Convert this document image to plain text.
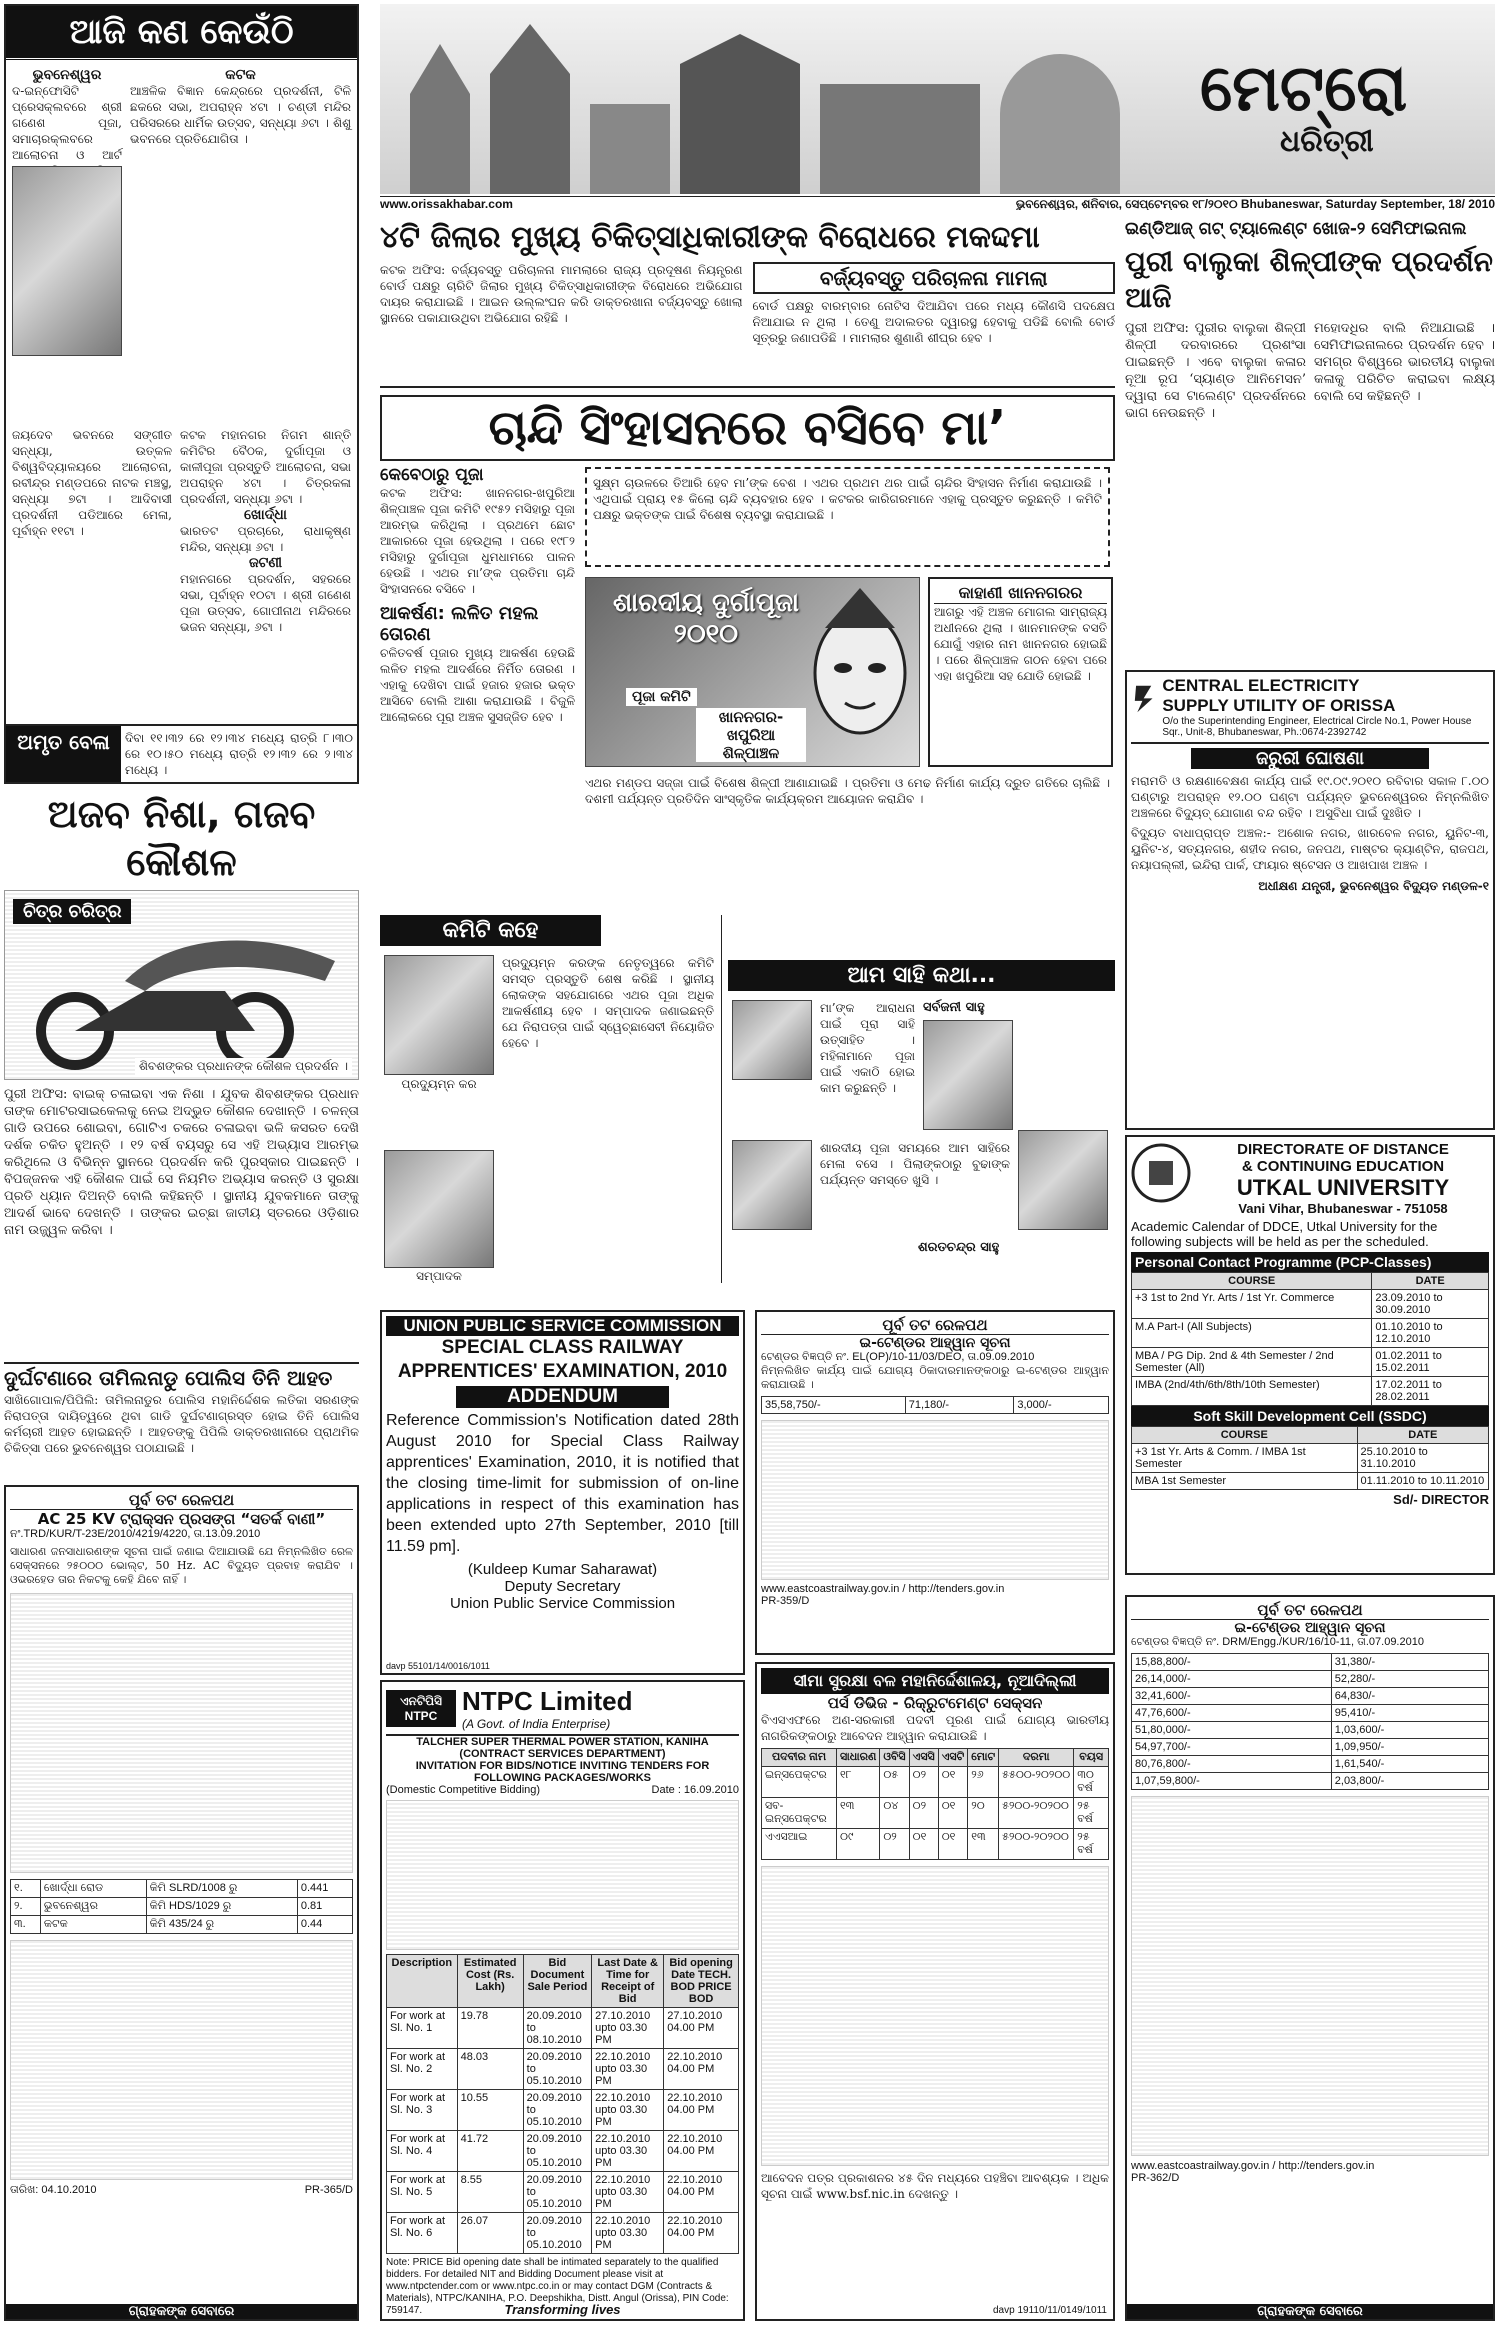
ଆଜି କଣ କେଉଁଠି
ଭୁବନେଶ୍ୱର
ଦ-ଇନ୍ଫୋସିଟି ପ୍ରେସକ୍ଲବରେ ଶ୍ରୀ ଗଣେଶ ପୂଜା, ସମାଚାରକ୍ଲବରେ ଆଲୋଚନା ଓ ଆର୍ଟ
କଟକ
ଆଞ୍ଚଳିକ ବିଜ୍ଞାନ କେନ୍ଦ୍ରରେ ପ୍ରଦର୍ଶନୀ, ଟିଳି ଛକରେ ସଭା, ଅପରାହ୍ନ ୪ଟା । ଚଣ୍ଡୀ ମନ୍ଦିର ପରିସରରେ ଧାର୍ମିକ ଉତ୍ସବ, ସନ୍ଧ୍ୟା ୬ଟା । ଶିଶୁ ଭବନରେ ପ୍ରତିଯୋଗିତା ।
ଜୟଦେବ ଭବନରେ ସଙ୍ଗୀତ ସନ୍ଧ୍ୟା, ଉତ୍କଳ ବିଶ୍ୱବିଦ୍ୟାଳୟରେ ଆଲୋଚନା, ରବୀନ୍ଦ୍ର ମଣ୍ଡପରେ ନାଟକ ମଞ୍ଚସ୍ଥ, ସନ୍ଧ୍ୟା ୭ଟା । ଆଦିବାସୀ ପ୍ରଦର୍ଶନୀ ପଡିଆରେ ମେଳା, ପୂର୍ବାହ୍ନ ୧୧ଟା ।
କଟକ ମହାନଗର ନିଗମ ଶାନ୍ତି କମିଟିର ବୈଠକ, ଦୁର୍ଗାପୂଜା ଓ କାଳୀପୂଜା ପ୍ରସ୍ତୁତି ଆଲୋଚନା, ସଭା ଅପରାହ୍ନ ୪ଟା । ଚିତ୍ରକଳା ପ୍ରଦର୍ଶନୀ, ସନ୍ଧ୍ୟା ୬ଟା ।
ଖୋର୍ଦ୍ଧା
ଭାରତଟ ପ୍ରଚାରେ, ରାଧାକୃଷ୍ଣ ମନ୍ଦିର, ସନ୍ଧ୍ୟା ୬ଟା ।
ଜଟଣୀ
ମହାନଗରେ ପ୍ରଦର୍ଶନ, ସହରରେ ସଭା, ପୂର୍ବାହ୍ନ ୧୦ଟା । ଶ୍ରୀ ଗଣେଶ ପୂଜା ଉତ୍ସବ, ଗୋପୀନାଥ ମନ୍ଦିରରେ ଭଜନ ସନ୍ଧ୍ୟା, ୬ଟା ।
ଅମୃତ ବେଳା	ଦିବା ୧୧।୩୨ ରେ ୧୨।୩୪ ମଧ୍ୟେ ରାତ୍ରି ୮।୩୦ ରେ ୧୦।୫୦ ମଧ୍ୟେ ରାତ୍ରି ୧୨।୩୨ ରେ ୨।୩୪ ମଧ୍ୟେ ।
ଅଜବ ନିଶା, ଗଜବ କୌଶଳ
ଚିତ୍ର ଚରିତ୍ର
ଶିବଶଙ୍କର ପ୍ରଧାନଙ୍କ କୌଶଳ ପ୍ରଦର୍ଶନ ।
ପୁରୀ ଅଫିସ: ବାଇକ୍ ଚଳାଇବା ଏକ ନିଶା । ଯୁବକ ଶିବଶଙ୍କର ପ୍ରଧାନ ତାଙ୍କ ମୋଟରସାଇକେଲକୁ ନେଇ ଅଦ୍ଭୁତ କୌଶଳ ଦେଖାନ୍ତି । ଚଳନ୍ତା ଗାଡି ଉପରେ ଶୋଇବା, ଗୋଟିଏ ଚକରେ ଚଳାଇବା ଭଳି କସରତ ଦେଖି ଦର୍ଶକ ଚକିତ ହୁଅନ୍ତି । ୧୨ ବର୍ଷ ବୟସରୁ ସେ ଏହି ଅଭ୍ୟାସ ଆରମ୍ଭ କରିଥିଲେ ଓ ବିଭିନ୍ନ ସ୍ଥାନରେ ପ୍ରଦର୍ଶନ କରି ପୁରସ୍କାର ପାଇଛନ୍ତି । ବିପଜ୍ଜନକ ଏହି କୌଶଳ ପାଇଁ ସେ ନିୟମିତ ଅଭ୍ୟାସ କରନ୍ତି ଓ ସୁରକ୍ଷା ପ୍ରତି ଧ୍ୟାନ ଦିଅନ୍ତି ବୋଲି କହିଛନ୍ତି । ସ୍ଥାନୀୟ ଯୁବକମାନେ ତାଙ୍କୁ ଆଦର୍ଶ ଭାବେ ଦେଖନ୍ତି । ତାଙ୍କର ଇଚ୍ଛା ଜାତୀୟ ସ୍ତରରେ ଓଡ଼ିଶାର ନାମ ଉଜ୍ଜ୍ୱଳ କରିବା ।
ଦୁର୍ଘଟଣାରେ ତାମିଲନାଡୁ ପୋଲିସ ତିନି ଆହତ
ସାଖିଗୋପାଳ/ପିପିଲି: ତାମିଲନାଡୁର ପୋଲିସ ମହାନିର୍ଦ୍ଦେଶକ ଲତିକା ସରଣଙ୍କ ନିରାପତ୍ତା ଦାୟିତ୍ୱରେ ଥିବା ଗାଡି ଦୁର୍ଘଟଣାଗ୍ରସ୍ତ ହୋଇ ତିନି ପୋଲିସ କର୍ମଚାରୀ ଆହତ ହୋଇଛନ୍ତି । ଆହତଙ୍କୁ ପିପିଲି ଡାକ୍ତରଖାନାରେ ପ୍ରାଥମିକ ଚିକିତ୍ସା ପରେ ଭୁବନେଶ୍ୱର ପଠାଯାଇଛି ।
ପୂର୍ବ ତଟ ରେଳପଥ
AC 25 KV ଟ୍ରାକ୍ସନ ପ୍ରସଙ୍ଗ “ସତର୍କ ବାଣୀ”
ନଂ.TRD/KUR/T-23E/2010/4219/4220, ତା.13.09.2010
ସାଧାରଣ ଜନସାଧାରଣଙ୍କ ସୂଚନା ପାଇଁ ଜଣାଇ ଦିଆଯାଉଛି ଯେ ନିମ୍ନଲିଖିତ ରେଳ ସେକ୍ସନରେ ୨୫୦୦୦ ଭୋଲ୍ଟ, 50 Hz. AC ବିଦ୍ୟୁତ ପ୍ରବାହ କରାଯିବ । ଓଭରହେଡ ତାର ନିକଟକୁ କେହି ଯିବେ ନାହିଁ ।
୧.	ଖୋର୍ଦ୍ଧା ରୋଡ	କିମି SLRD/1008 ରୁ	0.441
୨.	ଭୁବନେଶ୍ୱର	କିମି HDS/1029 ରୁ	0.81
୩.	କଟକ	କିମି 435/24 ରୁ	0.44
ତାରିଖ: 04.10.2010	PR-365/D
ଗ୍ରାହକଙ୍କ ସେବାରେ
ମେଟ୍ରୋ
ଧରିତ୍ରୀ
www.orissakhabar.com	ଭୁବନେଶ୍ୱର, ଶନିବାର, ସେପ୍ଟେମ୍ବର ୧୮/୨୦୧୦ Bhubaneswar, Saturday September, 18/ 2010
୪ଟି ଜିଲାର ମୁଖ୍ୟ ଚିକିତ୍ସାଧିକାରୀଙ୍କ ବିରୋଧରେ ମକଦ୍ଦମା
କଟକ ଅଫିସ: ବର୍ଜ୍ୟବସ୍ତୁ ପରିଚାଳନା ମାମଲାରେ ରାଜ୍ୟ ପ୍ରଦୂଷଣ ନିୟନ୍ତ୍ରଣ ବୋର୍ଡ ପକ୍ଷରୁ ଚାରିଟି ଜିଲାର ମୁଖ୍ୟ ଚିକିତ୍ସାଧିକାରୀଙ୍କ ବିରୋଧରେ ଅଭିଯୋଗ ଦାୟର କରାଯାଇଛି । ଆଇନ ଉଲ୍ଲଂଘନ କରି ଡାକ୍ତରଖାନା ବର୍ଜ୍ୟବସ୍ତୁ ଖୋଲା ସ୍ଥାନରେ ପକାଯାଉଥିବା ଅଭିଯୋଗ ରହିଛି ।
ବର୍ଜ୍ୟବସ୍ତୁ ପରିଚାଳନା ମାମଲା
ବୋର୍ଡ ପକ୍ଷରୁ ବାରମ୍ବାର ନୋଟିସ ଦିଆଯିବା ପରେ ମଧ୍ୟ କୌଣସି ପଦକ୍ଷେପ ନିଆଯାଇ ନ ଥିଲା । ତେଣୁ ଅଦାଲତର ଦ୍ୱାରସ୍ଥ ହେବାକୁ ପଡିଛି ବୋଲି ବୋର୍ଡ ସୂତ୍ରରୁ ଜଣାପଡିଛି । ମାମଲାର ଶୁଣାଣି ଶୀଘ୍ର ହେବ ।
ଚାନ୍ଦି ସିଂହାସନରେ ବସିବେ ମା’
କେବେଠାରୁ ପୂଜା
କଟକ ଅଫିସ: ଖାନନଗର-ଖପୁରିଆ ଶିଳ୍ପାଞ୍ଚଳ ପୂଜା କମିଟି ୧୯୫୨ ମସିହାରୁ ପୂଜା ଆରମ୍ଭ କରିଥିଲା । ପ୍ରଥମେ ଛୋଟ ଆକାରରେ ପୂଜା ହେଉଥିଲା । ପରେ ୧୯୮୨ ମସିହାରୁ ଦୁର୍ଗାପୂଜା ଧୁମଧାମରେ ପାଳନ ହେଉଛି । ଏଥର ମା’ଙ୍କ ପ୍ରତିମା ଚାନ୍ଦି ସିଂହାସନରେ ବସିବେ ।
ଆକର୍ଷଣ: ଲଳିତ ମହଲ ତୋରଣ
ଚଳିତବର୍ଷ ପୂଜାର ମୁଖ୍ୟ ଆକର୍ଷଣ ହେଉଛି ଲଳିତ ମହଲ ଆଦର୍ଶରେ ନିର୍ମିତ ତୋରଣ । ଏହାକୁ ଦେଖିବା ପାଇଁ ହଜାର ହଜାର ଭକ୍ତ ଆସିବେ ବୋଲି ଆଶା କରାଯାଉଛି । ବିଜୁଳି ଆଲୋକରେ ପୂରା ଅଞ୍ଚଳ ସୁସଜ୍ଜିତ ହେବ ।
ସୁକ୍ଷ୍ମ ଚାଉଳରେ ତିଆରି ହେବ ମା’ଙ୍କ ବେଶ । ଏଥର ପ୍ରଥମ ଥର ପାଇଁ ଚାନ୍ଦିର ସିଂହାସନ ନିର୍ମାଣ କରାଯାଉଛି । ଏଥିପାଇଁ ପ୍ରାୟ ୧୫ କିଲୋ ଚାନ୍ଦି ବ୍ୟବହାର ହେବ । କଟକର କାରିଗରମାନେ ଏହାକୁ ପ୍ରସ୍ତୁତ କରୁଛନ୍ତି । କମିଟି ପକ୍ଷରୁ ଭକ୍ତଙ୍କ ପାଇଁ ବିଶେଷ ବ୍ୟବସ୍ଥା କରାଯାଇଛି ।
ଶାରଦୀୟ ଦୁର୍ଗାପୂଜା ୨୦୧୦
ପୂଜା କମିଟି
ଖାନନଗର-ଖପୁରିଆ ଶିଳ୍ପାଞ୍ଚଳ
କାହାଣୀ ଖାନନଗରର
ଆଗରୁ ଏହି ଅଞ୍ଚଳ ମୋଗଲ ସାମ୍ରାଜ୍ୟ ଅଧୀନରେ ଥିଲା । ଖାନମାନଙ୍କ ବସତି ଯୋଗୁଁ ଏହାର ନାମ ଖାନନଗର ହୋଇଛି । ପରେ ଶିଳ୍ପାଞ୍ଚଳ ଗଠନ ହେବା ପରେ ଏହା ଖପୁରିଆ ସହ ଯୋଡି ହୋଇଛି ।
ଏଥର ମଣ୍ଡପ ସଜ୍ଜା ପାଇଁ ବିଶେଷ ଶିଳ୍ପୀ ଆଣାଯାଇଛି । ପ୍ରତିମା ଓ ମେଢ ନିର୍ମାଣ କାର୍ଯ୍ୟ ଦ୍ରୁତ ଗତିରେ ଚାଲିଛି । ଦଶମୀ ପର୍ଯ୍ୟନ୍ତ ପ୍ରତିଦିନ ସାଂସ୍କୃତିକ କାର୍ଯ୍ୟକ୍ରମ ଆୟୋଜନ କରାଯିବ ।
କମିଟି କହେ
ପ୍ରଦ୍ୟୁମ୍ନ କର
ସମ୍ପାଦକ
ପ୍ରଦ୍ୟୁମ୍ନ କରଙ୍କ ନେତୃତ୍ୱରେ କମିଟି ସମସ୍ତ ପ୍ରସ୍ତୁତି ଶେଷ କରିଛି । ସ୍ଥାନୀୟ ଲୋକଙ୍କ ସହଯୋଗରେ ଏଥର ପୂଜା ଅଧିକ ଆକର୍ଷଣୀୟ ହେବ । ସମ୍ପାଦକ ଜଣାଇଛନ୍ତି ଯେ ନିରାପତ୍ତା ପାଇଁ ସ୍ୱେଚ୍ଛାସେବୀ ନିୟୋଜିତ ହେବେ ।
ଆମ ସାହି କଥା...
ମା’ଙ୍କ ଆରାଧନା ପାଇଁ ପୂରା ସାହି ଉତ୍ସାହିତ । ମହିଳାମାନେ ପୂଜା ପାଇଁ ଏକାଠି ହୋଇ କାମ କରୁଛନ୍ତି ।
ସର୍ବଜନୀ ସାହୁ
ଶାରଦୀୟ ପୂଜା ସମୟରେ ଆମ ସାହିରେ ମେଳା ବସେ । ପିଲାଙ୍କଠାରୁ ବୁଢାଙ୍କ ପର୍ଯ୍ୟନ୍ତ ସମସ୍ତେ ଖୁସି ।
ଶରତଚନ୍ଦ୍ର ସାହୁ
ଇଣ୍ଡିଆଜ୍ ଗଟ୍ ଟ୍ୟାଲେଣ୍ଟ ଖୋଜ-୨ ସେମିଫାଇନାଲ
ପୁରୀ ବାଲୁକା ଶିଳ୍ପୀଙ୍କ ପ୍ରଦର୍ଶନ ଆଜି
ପୁରୀ ଅଫିସ: ପୁରୀର ବାଲୁକା ଶିଳ୍ପୀ ଶିଳ୍ପୀ ଦରବାରରେ ପ୍ରଶଂସା ପାଇଛନ୍ତି । ଏବେ ବାଲୁକା କଳାର ନୂଆ ରୂପ ‘ସ୍ୟାଣ୍ଡ ଆନିମେସନ’ ଦ୍ୱାରା ସେ ଟାଲେଣ୍ଟ ପ୍ରଦର୍ଶନରେ ଭାଗ ନେଉଛନ୍ତି ।
ମହୋଦଧିର ବାଲି ନିଆଯାଇଛି । ସେମିଫାଇନାଲରେ ପ୍ରଦର୍ଶନ ହେବ । ସମଗ୍ର ବିଶ୍ୱରେ ଭାରତୀୟ ବାଲୁକା କଳାକୁ ପରିଚିତ କରାଇବା ଲକ୍ଷ୍ୟ ବୋଲି ସେ କହିଛନ୍ତି ।
CENTRAL ELECTRICITY
SUPPLY UTILITY OF ORISSA
O/o the Superintending Engineer, Electrical Circle No.1, Power House Sqr., Unit-8, Bhubaneswar, Ph.:0674-2392742
ଜରୁରୀ ଘୋଷଣା
ମରାମତି ଓ ରକ୍ଷଣାବେକ୍ଷଣ କାର୍ଯ୍ୟ ପାଇଁ ୧୯.୦୯.୨୦୧୦ ରବିବାର ସକାଳ ୮.୦୦ ଘଣ୍ଟାରୁ ଅପରାହ୍ନ ୧୨.୦୦ ଘଣ୍ଟା ପର୍ଯ୍ୟନ୍ତ ଭୁବନେଶ୍ୱରର ନିମ୍ନଲିଖିତ ଅଞ୍ଚଳରେ ବିଦ୍ୟୁତ୍ ଯୋଗାଣ ବନ୍ଦ ରହିବ । ଅସୁବିଧା ପାଇଁ ଦୁଃଖିତ ।
ବିଦ୍ୟୁତ ବାଧାପ୍ରାପ୍ତ ଅଞ୍ଚଳ:- ଅଶୋକ ନଗର, ଖାରବେଳ ନଗର, ୟୁନିଟ-୩, ୟୁନିଟ-୪, ସତ୍ୟନଗର, ଶହୀଦ ନଗର, ଜନପଥ, ମାଷ୍ଟର କ୍ୟାଣ୍ଟିନ, ରାଜପଥ, ନୟାପଲ୍ଲୀ, ଇନ୍ଦିରା ପାର୍କ, ଫାୟାର ଷ୍ଟେସନ ଓ ଆଖପାଖ ଅଞ୍ଚଳ ।
ଅଧୀକ୍ଷଣ ଯନ୍ତ୍ରୀ, ଭୁବନେଶ୍ୱର ବିଦ୍ୟୁତ ମଣ୍ଡଳ-୧
DIRECTORATE OF DISTANCE
& CONTINUING EDUCATION
UTKAL UNIVERSITY
Vani Vihar, Bhubaneswar - 751058
Academic Calendar of DDCE, Utkal University for the following subjects will be held as per the scheduled.
Personal Contact Programme (PCP-Classes)
COURSE	DATE
+3 1st to 2nd Yr. Arts / 1st Yr. Commerce	23.09.2010 to 30.09.2010
M.A Part-I (All Subjects)	01.10.2010 to 12.10.2010
MBA / PG Dip. 2nd & 4th Semester / 2nd Semester (All)	01.02.2011 to 15.02.2011
IMBA (2nd/4th/6th/8th/10th Semester)	17.02.2011 to 28.02.2011
Soft Skill Development Cell (SSDC)
COURSE	DATE
+3 1st Yr. Arts & Comm. / IMBA 1st Semester	25.10.2010 to 31.10.2010
MBA 1st Semester	01.11.2010 to 10.11.2010
Sd/- DIRECTOR
ପୂର୍ବ ତଟ ରେଳପଥ
ଇ-ଟେଣ୍ଡର ଆହ୍ୱାନ ସୂଚନା
ଟେଣ୍ଡର ବିଜ୍ଞପ୍ତି ନଂ. DRM/Engg./KUR/16/10-11, ତା.07.09.2010
15,88,800/-	31,380/-
26,14,000/-	52,280/-
32,41,600/-	64,830/-
47,76,600/-	95,410/-
51,80,000/-	1,03,600/-
54,97,700/-	1,09,950/-
80,76,800/-	1,61,540/-
1,07,59,800/-	2,03,800/-
www.eastcoastrailway.gov.in / http://tenders.gov.in
PR-362/D
ଗ୍ରାହକଙ୍କ ସେବାରେ
UNION PUBLIC SERVICE COMMISSION
SPECIAL CLASS RAILWAY APPRENTICES' EXAMINATION, 2010
ADDENDUM
Reference Commission's Notification dated 28th August 2010 for Special Class Railway apprentices' Examination, 2010, it is notified that the closing time-limit for submission of on-line applications in respect of this examination has been extended upto 27th September, 2010 [till 11.59 pm].
(Kuldeep Kumar Saharawat)
Deputy Secretary
Union Public Service Commission
davp 55101/14/0016/1011
ଏନଟିପିସି NTPC NTPC Limited
(A Govt. of India Enterprise)
TALCHER SUPER THERMAL POWER STATION, KANIHA
(CONTRACT SERVICES DEPARTMENT)
INVITATION FOR BIDS/NOTICE INVITING TENDERS FOR FOLLOWING PACKAGES/WORKS
(Domestic Competitive Bidding)	Date : 16.09.2010
Description	Estimated Cost (Rs. Lakh)	Bid Document Sale Period	Last Date & Time for Receipt of Bid	Bid opening Date TECH. BOD PRICE BOD
For work at Sl. No. 1	19.78	20.09.2010 to 08.10.2010	27.10.2010 upto 03.30 PM	27.10.2010 04.00 PM
For work at Sl. No. 2	48.03	20.09.2010 to 05.10.2010	22.10.2010 upto 03.30 PM	22.10.2010 04.00 PM
For work at Sl. No. 3	10.55	20.09.2010 to 05.10.2010	22.10.2010 upto 03.30 PM	22.10.2010 04.00 PM
For work at Sl. No. 4	41.72	20.09.2010 to 05.10.2010	22.10.2010 upto 03.30 PM	22.10.2010 04.00 PM
For work at Sl. No. 5	8.55	20.09.2010 to 05.10.2010	22.10.2010 upto 03.30 PM	22.10.2010 04.00 PM
For work at Sl. No. 6	26.07	20.09.2010 to 05.10.2010	22.10.2010 upto 03.30 PM	22.10.2010 04.00 PM
Note: PRICE Bid opening date shall be intimated separately to the qualified bidders. For detailed NIT and Bidding Document please visit at www.ntpctender.com or www.ntpc.co.in or may contact DGM (Contracts & Materials), NTPC/KANIHA, P.O. Deepshikha, Distt. Angul (Orissa), PIN Code: 759147.	Transforming lives
ପୂର୍ବ ତଟ ରେଳପଥ
ଇ-ଟେଣ୍ଡର ଆହ୍ୱାନ ସୂଚନା
ଟେଣ୍ଡର ବିଜ୍ଞପ୍ତି ନଂ. EL(OP)/10-11/03/DEO, ତା.09.09.2010
ନିମ୍ନଲିଖିତ କାର୍ଯ୍ୟ ପାଇଁ ଯୋଗ୍ୟ ଠିକାଦାରମାନଙ୍କଠାରୁ ଇ-ଟେଣ୍ଡର ଆହ୍ୱାନ କରାଯାଉଛି ।
35,58,750/-	71,180/-	3,000/-
www.eastcoastrailway.gov.in / http://tenders.gov.in
PR-359/D
ସୀମା ସୁରକ୍ଷା ବଳ ମହାନିର୍ଦ୍ଦେଶାଳୟ, ନୂଆଦିଲ୍ଲୀ
ପର୍ସ ଡିଭିଜ - ରିକ୍ରୁଟମେଣ୍ଟ ସେକ୍ସନ
ବିଏସଏଫରେ ଅଣ-ସରକାରୀ ପଦବୀ ପୂରଣ ପାଇଁ ଯୋଗ୍ୟ ଭାରତୀୟ ନାଗରିକଙ୍କଠାରୁ ଆବେଦନ ଆହ୍ୱାନ କରାଯାଉଛି ।
ପଦବୀର ନାମ	ସାଧାରଣ	ଓବିସି	ଏସସି	ଏସଟି	ମୋଟ	ଦରମା	ବୟସ
ଇନ୍ସପେକ୍ଟର	୧୮	୦୫	୦୨	୦୧	୨୬	୫୫୦୦-୨୦୨୦୦	୩୦ ବର୍ଷ
ସବ-ଇନ୍ସପେକ୍ଟର	୧୩	୦୪	୦୨	୦୧	୨୦	୫୨୦୦-୨୦୨୦୦	୨୫ ବର୍ଷ
ଏଏସଆଇ	୦୯	୦୨	୦୧	୦୧	୧୩	୫୨୦୦-୨୦୨୦୦	୨୫ ବର୍ଷ
ଆବେଦନ ପତ୍ର ପ୍ରକାଶନର ୪୫ ଦିନ ମଧ୍ୟରେ ପହଞ୍ଚିବା ଆବଶ୍ୟକ । ଅଧିକ ସୂଚନା ପାଇଁ www.bsf.nic.in ଦେଖନ୍ତୁ ।
davp 19110/11/0149/1011
